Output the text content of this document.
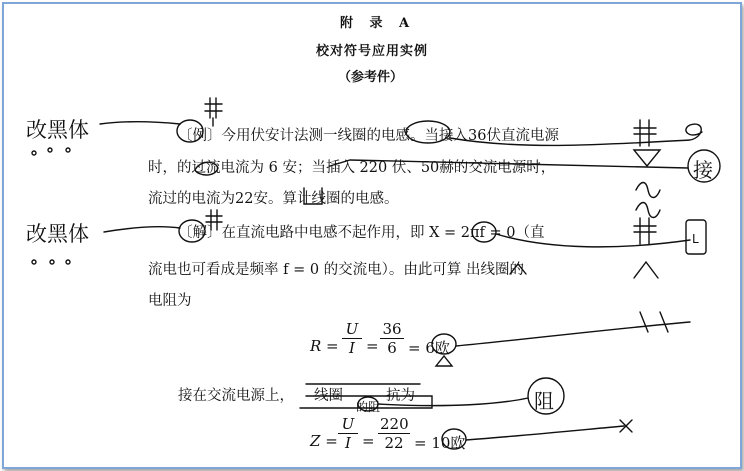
附 录 A
校对符号应用实例
（参考件）
〔例〕今用伏安计法测一线圈的电感。当接入36伏直流电源
时，的过流电流为 6 安；当插入 220 伏、50赫的交流电源时，
流过的电流为22安。算计线圈的电感。
〔解〕在直流电路中电感不起作用，即 X = 2πf = 0（直
流电也可看成是频率 f = 0 的交流电）。由此可算 出线圈的
电阻为
$R = \frac{U}{I} = \frac{36}{6} = 6$欧
接在交流电源上， 线圈	抗为
的阻
$Z = \frac{U}{I} = \frac{220}{22} = 10$欧
改黑体
改黑体
接
阻
L
